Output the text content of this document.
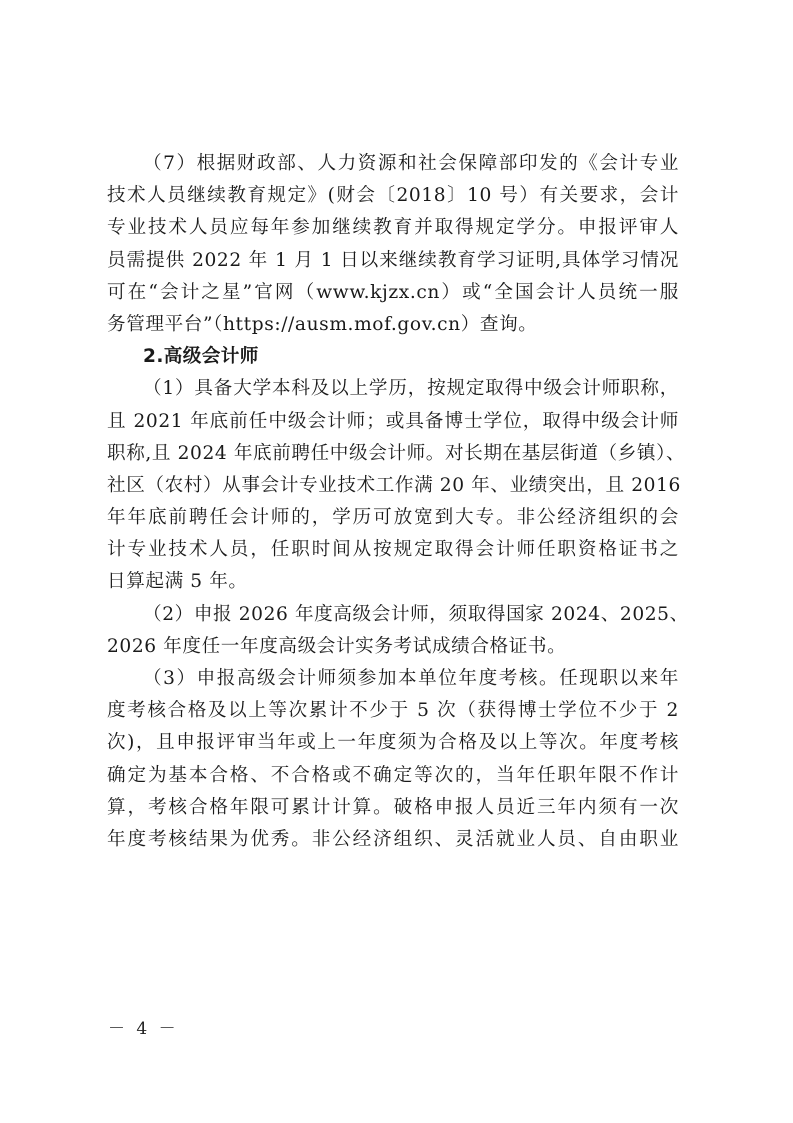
（7）根据财政部、人力资源和社会保障部印发的《会计专业
技术人员继续教育规定》(财会〔2018〕10 号）有关要求，会计
专业技术人员应每年参加继续教育并取得规定学分。申报评审人
员需提供 2022 年 1 月 1 日以来继续教育学习证明,具体学习情况
可在“会计之星”官网（www.kjzx.cn）或“全国会计人员统一服
务管理平台”（https://ausm.mof.gov.cn）查询。
2.高级会计师
（1）具备大学本科及以上学历，按规定取得中级会计师职称，
且 2021 年底前任中级会计师；或具备博士学位，取得中级会计师
职称,且 2024 年底前聘任中级会计师。对长期在基层街道（乡镇）、
社区（农村）从事会计专业技术工作满 20 年、业绩突出，且 2016
年年底前聘任会计师的，学历可放宽到大专。非公经济组织的会
计专业技术人员，任职时间从按规定取得会计师任职资格证书之
日算起满 5 年。
（2）申报 2026 年度高级会计师，须取得国家 2024、2025、
2026 年度任一年度高级会计实务考试成绩合格证书。
（3）申报高级会计师须参加本单位年度考核。任现职以来年
度考核合格及以上等次累计不少于 5 次（获得博士学位不少于 2
次)，且申报评审当年或上一年度须为合格及以上等次。年度考核
确定为基本合格、不合格或不确定等次的，当年任职年限不作计
算，考核合格年限可累计计算。破格申报人员近三年内须有一次
年度考核结果为优秀。非公经济组织、灵活就业人员、自由职业
－ 4 －
